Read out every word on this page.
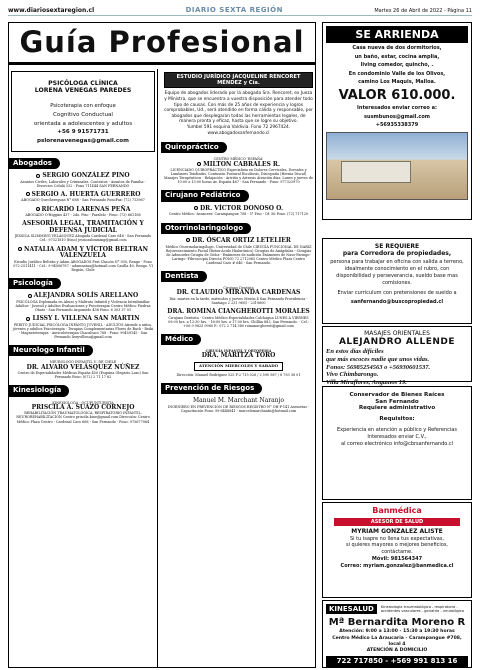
www.diariosextaregion.cl	DIARIO SEXTA REGIÓN	Martes 26 de Abril de 2022 - Página 11
Guía Profesional
PSICÓLOGA CLÍNICA
LORENA VENEGAS PAREDES
Psicoterapia con enfoque
Cognitivo Conductual
orientada a adolescentes y adultos
+56 9 91571731
pslorenavenegas@gmail.com
Abogados
SERGIO GONZÁLEZ PINO
Asuntos Civiles, Laborales y Criminales. Contratos - Asuntos de Familia - Divorcios Celulá 532 - Fono 711444 SAN FERNANDO
SERGIO A. HUERTA GUERRERO
ABOGADO Quechereguas N° 688 - San Fernando FonoFax: (72) 713967
RICARDO LARENAS PEÑA
ABOGADO O'Higgins 437 - 2do. Piso - Paralelo - Fono: (72) 661168
ASESORÍA LEGAL, TRAMITACIÓN Y DEFENSA JUDICIAL
JESSICA SLIMMING VELÁSQUEZ Abogada Cardenal Caro 648 - San Fernando Cel.: 97321810 (fono) jessicaslimming@gmail.com
NATALIA ADAM Y VÍCTOR BELTRAN VALENZUELA
Estudio Jurídico Beltrán y Adam ABOGADOS Prat Chacón N° 930, Rengo - Fono 072-2511411 - Cel.: 9-94006787 - adamnataa@hotmail.com Casilla 40, Rengo. VI Región. Chile
Psicología
ALEJANDRA SOLÍS ARELLANO
PSICÓLOGA Diplomada en Abuso y Maltrato Infantil y Violencia Intrafamiliar Adultos - Juvenil y Adultos Evaluaciones y Psicoterapia Centro Médico Piedras Oñate - San Fernando Argomedo 436 Fono: 6 303 37 01
LISSY I. VILLENA SAN MARTIN
PERITO JUDICIAL PSICÓLOGA INFANTO JUVENIL - ADULTOS Atiende a niños, jóvenes y adultos Psicoterapia - Terapias Complementarias Flores de Bach - Reiki - Magnetoterapia - Auriculoterapia Chacabuco 768 - Fono: 99459145 - San Fernando lissyvillena@gmail.com
Neurologo Infantil
NEUROLOGO INFANTIL U. DE CHILE
DR. ALVARO VELÁSQUEZ NÚÑEZ
Centro de Especialidades Médicas España 450 (Esquina Olegario Lazo) San Fernando Fono: (072) 2 71 17 62
Kinesiología
KINESIOLOGA - OCUPUNTURISTA
PRISCILA A. SUAZO CORNEJO
REHABILITACIÓN TRAUMATOLÓGICA, RESPIRATORIO INFANTIL, NEUROREHABILITACIÓN Centro priscila.kine@gmail.com Dirección: Centro Médico Plaza Centro - Cardenal Caro 668 - San Fernando - Fono: 975677064
ESTUDIO JURÍDICO JACQUELINE RENCORET MÉNDEZ y Cía.
Equipo de abogados liderado por la abogada Sra. Rencoret, ex Jueza y Ministra, que se encuentra a vuestra disposición para atender todo tipo de causas. Con más de 25 años de experiencia y logros comprobables, Ud., será atendido en forma cálida y responsable, por abogados que desplegaran todas las herramientas legales, de manera pronta y eficaz, hasta que se logre su objetivo.
Yumbel 591 esquina Valdivia. Fono 72 2967424.
www.abogadosanfernando.cl
Quiropráctico
CENTRO MÉDICO 'ESPAÑA'
MILTON CABRALES R.
LICENCIADO QUIROPRÁCTICO Especialista en Dolores Cervicales, Dorsales y Lumbares Tendinitis, Contusión Postural Escoliosis, Discopatía (Hernia Discal) Masajes Terapéuticos - Relajación - Artritis y Artrosis Atención días: Lunes y jueves de 10:00 a 13:00 horas Av. España 467 - San Fernando - Fono: 977323970
Cirujano Pediátrico
DR. VÍCTOR DONOSO O.
Centro Médico 'Asuncera' Carampangue 708 - 5° Piso - Of. 56 Fono: (72) 717120
Otorrinolaringologo
DR. ÓSCAR ORTIZ LETELIER
Médico Otorrinolaringólogo, Universidad de Chile CIRUGÍA FUNCIONAL DE NARIZ Rejuvenecimiento Facial (Botox-Ácido Hialurónico) Cirugías de Amígdalas - Cirugías de Adenoides Cirugía de Oídos - Exámenes de audición Exámenes de Naso-Faringo-Laringo -Fibroscopia Directa FONO 72 2712065 Centro Médico Plaza Centro Cardenal Caro # 646 - San Fernando.
Dentista
Cirujano Dentista
DR. CLAUDIO MIRANDA CARDENAS
Día: martes en la tarde, miércoles y jueves Mesón 4 San Fernando Providencia - Santiago 2 231 9601 - 2319600
DRA. ROMINA CIANGHEROTTI MORALES
Cirujano Dentista - Centro Médico Especialidades Colchagua LUNES A VIERNES 09:00 hrs. a 13:30 hrs. - 16:00 hrs. a 17:00 hrs. Chillán 883, San Fernando. - Cel.: +56 9 9825 9980 F.: 072 2 714 380 romanacgheroti@gmail.com
Médico
CIRUGÍA INFANTIL Y ORTOPEDIA
DRA. MARITZA TORO
ATENCIÓN MIERCOLES Y SABADO
Dirección: Manuel Rodríguez 525 F:2 715 026 / 2 590 587 / 8 793 38 01
Prevención de Riesgos
Manuel M. Marchant Naranjo
INGENIERO EN PREVENCIÓN DE RIESGOS REGISTRO N° OH-P-141 Asesorías - Capacitación Fono: 99-6448841 - marcelomarchantn@hotmail.com
SE ARRIENDA
Casa nueva de dos dormitorios,
un baño, estar, cocina amplia,
living comedor, quincho, .
En condominio Valle de los Olivos,
camino Los Maquis, Malloa.
VALOR 610.000.
Interesados enviar correo a:
susmbunos@gmail.com
+56935338379
SE REQUIERE
para Corredora de propiedades,
persona para trabajar en oficina con salida a terreno, idealmente conocimiento en el rubro, con disponibilidad y perseverancia, sueldo base mas comisiones.
Enviar curriculum con pretensiones de sueldo a
sanfernando@buscopropiedad.cl
MASAJES ORIENTALES
ALEJANDRO ALLENDE
En estos días difíciles
que más escoces nadie que unos vidas.
Fonos: 56985254563 o +56930601537.
Vivo Chimbarongo.
Villa Miraflores, Angamos 19.
Conservador de Bienes Raíces
San Fernando
Requiere administrativo
Requisitos:
Experiencia en atención a público y Referencias
Interesados enviar C.V.,
al correo electrónico info@cbrsanfernando.cl
Banmédica
ASESOR DE SALUD
MYRIAM GONZALEZ ALISTE
Si tu isapre no llena tus expectativas,
si quieres mayores o mejores beneficios,
contáctame.
Móvil: 981564347
Correo: myriam.gonzalez@banmedica.cl
KINESALUD	Kinesiología traumatológica - respiratoria - accidentes vasculares - geriatría - neurológica
Mª Bernardita Moreno R
Atención: 9:00 a 13:00 - 15:30 a 19:30 horas
Centro Médico La Araucaria - Carampangue #708, local 4
ATENCIÓN A DOMICILIO
722 717850 - +569 991 813 16
